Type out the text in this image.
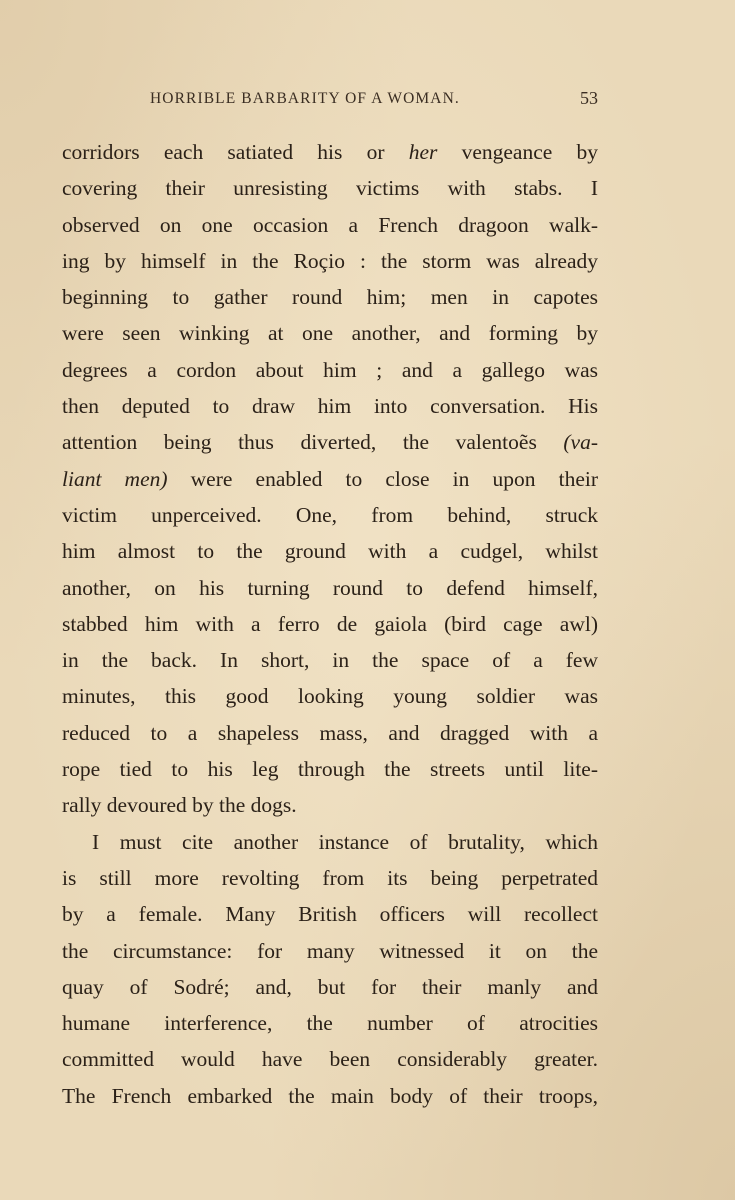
HORRIBLE BARBARITY OF A WOMAN.	53
corridors each satiated his or her vengeance by
covering their unresisting victims with stabs. I
observed on one occasion a French dragoon walk-
ing by himself in the Roçio : the storm was already
beginning to gather round him; men in capotes
were seen winking at one another, and forming by
degrees a cordon about him ; and a gallego was
then deputed to draw him into conversation. His
attention being thus diverted, the valentoẽs (va-
liant men) were enabled to close in upon their
victim unperceived. One, from behind, struck
him almost to the ground with a cudgel, whilst
another, on his turning round to defend himself,
stabbed him with a ferro de gaiola (bird cage awl)
in the back. In short, in the space of a few
minutes, this good looking young soldier was
reduced to a shapeless mass, and dragged with a
rope tied to his leg through the streets until lite-
rally devoured by the dogs.
I must cite another instance of brutality, which
is still more revolting from its being perpetrated
by a female. Many British officers will recollect
the circumstance: for many witnessed it on the
quay of Sodré; and, but for their manly and
humane interference, the number of atrocities
committed would have been considerably greater.
The French embarked the main body of their troops,
